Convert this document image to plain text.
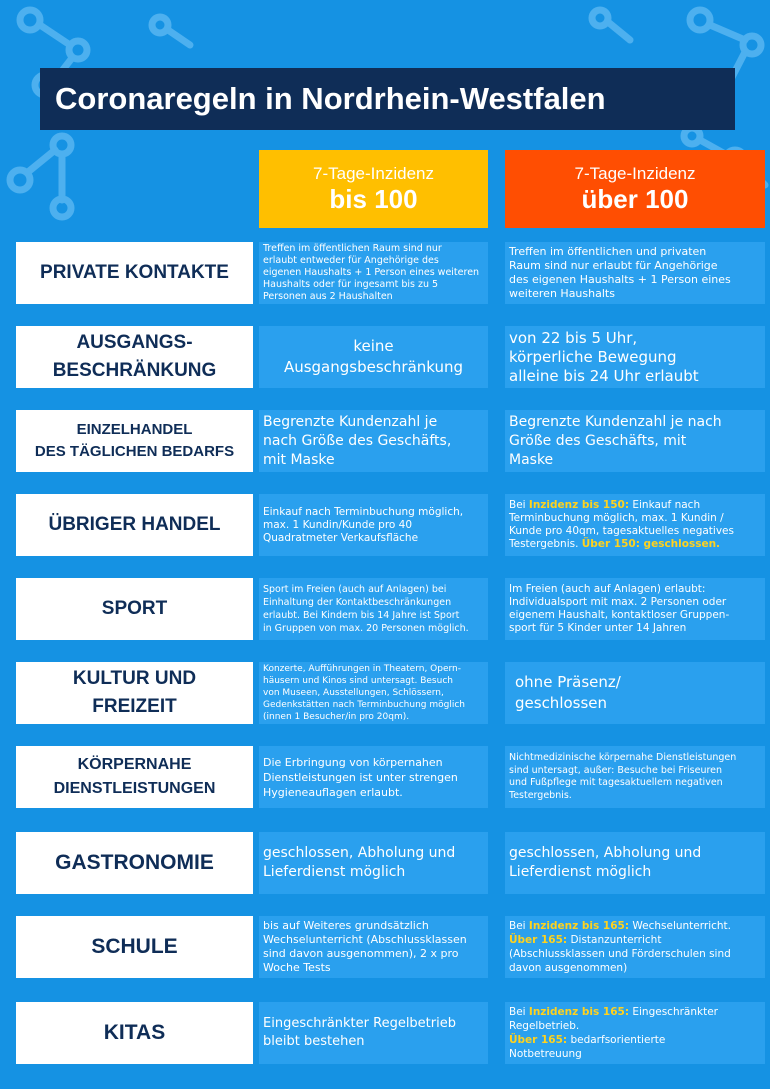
Coronaregeln in Nordrhein-Westfalen
7-Tage-Inzidenz
bis 100
7-Tage-Inzidenz
über 100
PRIVATE KONTAKTE
Treffen im öffentlichen Raum sind nur
erlaubt entweder für Angehörige des
eigenen Haushalts + 1 Person eines weiteren
Haushalts oder für ingesamt bis zu 5
Personen aus 2 Haushalten
Treffen im öffentlichen und privaten
Raum sind nur erlaubt für Angehörige
des eigenen Haushalts + 1 Person eines
weiteren Haushalts
AUSGANGS-
BESCHRÄNKUNG
keine
Ausgangsbeschränkung
von 22 bis 5 Uhr,
körperliche Bewegung
alleine bis 24 Uhr erlaubt
EINZELHANDEL
DES TÄGLICHEN BEDARFS
Begrenzte Kundenzahl je
nach Größe des Geschäfts,
mit Maske
Begrenzte Kundenzahl je nach
Größe des Geschäfts, mit
Maske
ÜBRIGER HANDEL
Einkauf nach Terminbuchung möglich,
max. 1 Kundin/Kunde pro 40
Quadratmeter Verkaufsfläche
Bei Inzidenz bis 150: Einkauf nach
Terminbuchung möglich, max. 1 Kundin /
Kunde pro 40qm, tagesaktuelles negatives
Testergebnis. Über 150: geschlossen.
SPORT
Sport im Freien (auch auf Anlagen) bei
Einhaltung der Kontaktbeschränkungen
erlaubt. Bei Kindern bis 14 Jahre ist Sport
in Gruppen von max. 20 Personen möglich.
Im Freien (auch auf Anlagen) erlaubt:
Individualsport mit max. 2 Personen oder
eigenem Haushalt, kontaktloser Gruppen-
sport für 5 Kinder unter 14 Jahren
KULTUR UND
FREIZEIT
Konzerte, Aufführungen in Theatern, Opern-
häusern und Kinos sind untersagt. Besuch
von Museen, Ausstellungen, Schlössern,
Gedenkstätten nach Terminbuchung möglich
(innen 1 Besucher/in pro 20qm).
ohne Präsenz/
geschlossen
KÖRPERNAHE
DIENSTLEISTUNGEN
Die Erbringung von körpernahen
Dienstleistungen ist unter strengen
Hygieneauflagen erlaubt.
Nichtmedizinische körpernahe Dienstleistungen
sind untersagt, außer: Besuche bei Friseuren
und Fußpflege mit tagesaktuellem negativen
Testergebnis.
GASTRONOMIE	geschlossen, Abholung und
Lieferdienst möglich
geschlossen, Abholung und
Lieferdienst möglich
SCHULE
bis auf Weiteres grundsätzlich
Wechselunterricht (Abschlussklassen
sind davon ausgenommen), 2 x pro
Woche Tests
Bei Inzidenz bis 165: Wechselunterricht.
Über 165: Distanzunterricht
(Abschlussklassen und Förderschulen sind
davon ausgenommen)
KITAS	Eingeschränkter Regelbetrieb
bleibt bestehen
Bei Inzidenz bis 165: Eingeschränkter
Regelbetrieb.
Über 165: bedarfsorientierte
Notbetreuung
